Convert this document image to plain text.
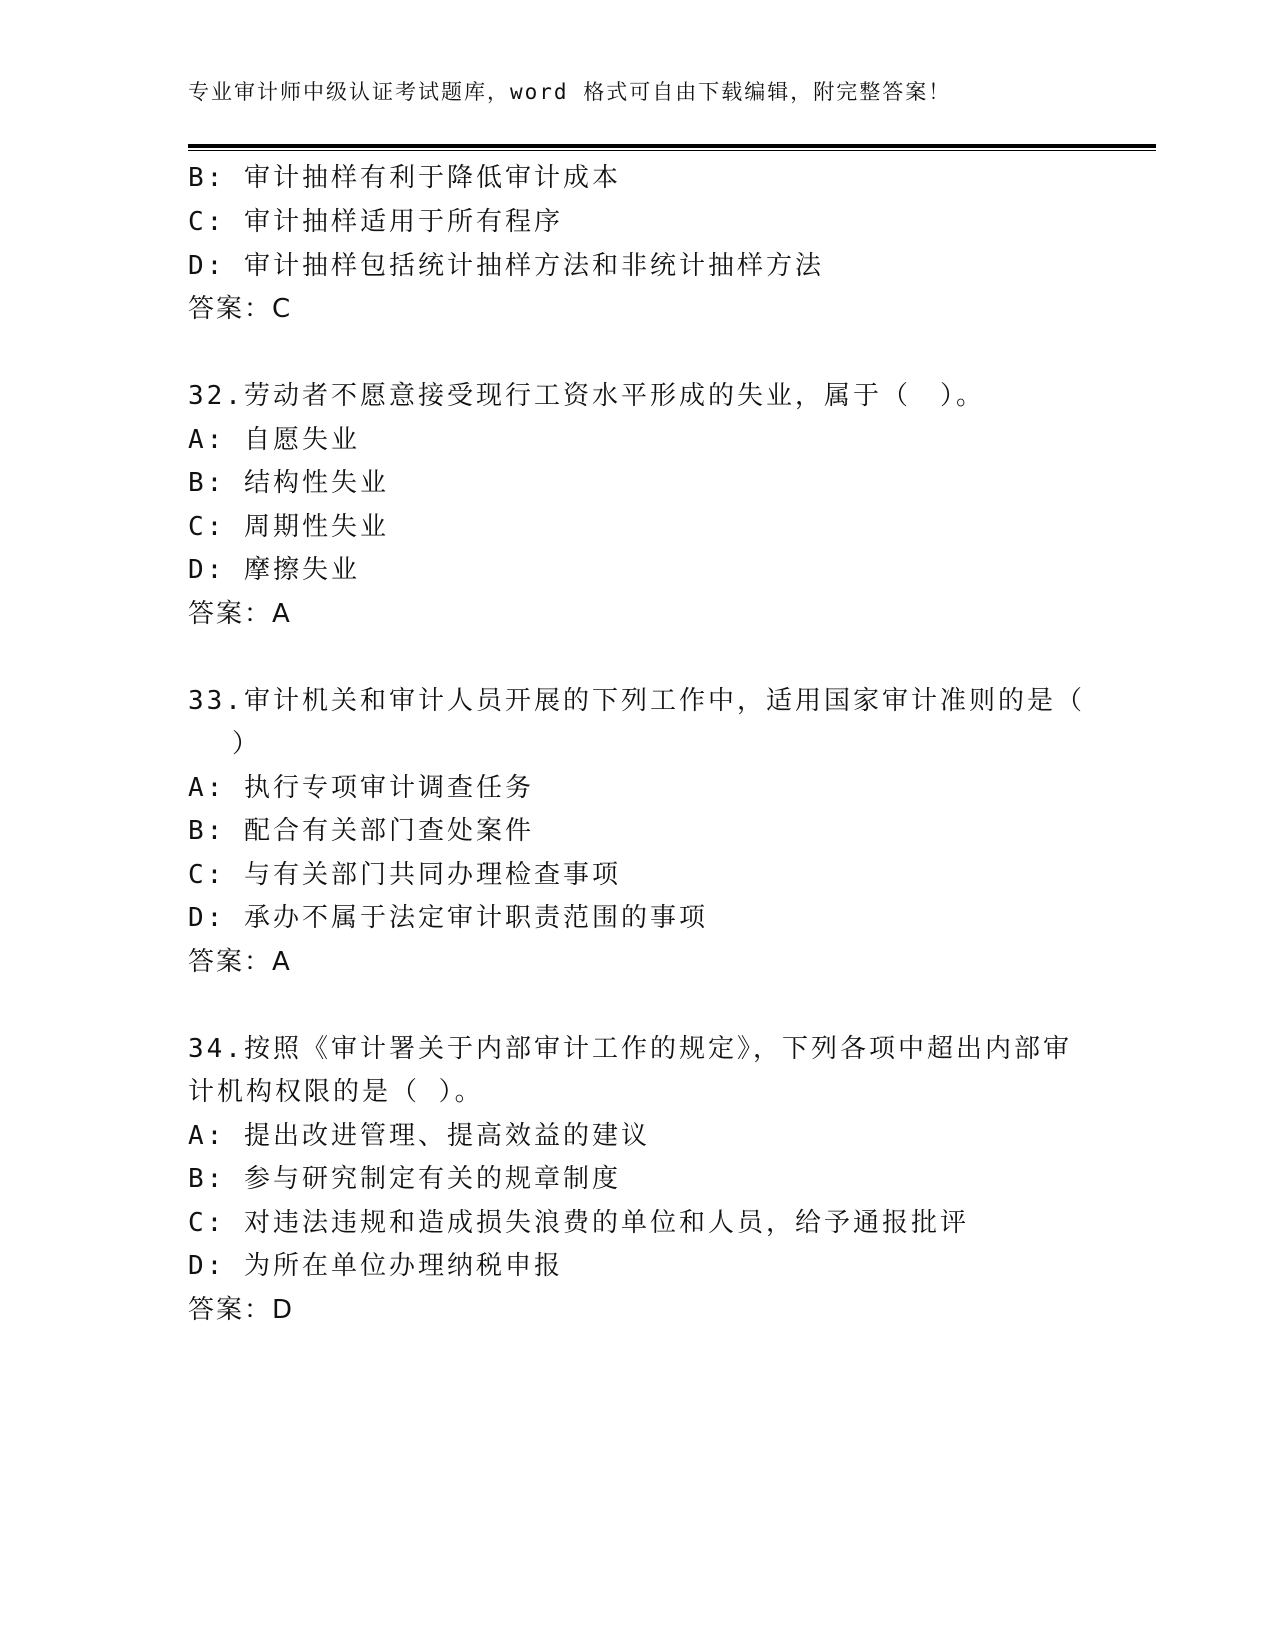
专业审计师中级认证考试题库，word 格式可自由下载编辑，附完整答案！
B: 审计抽样有利于降低审计成本
C: 审计抽样适用于所有程序
D: 审计抽样包括统计抽样方法和非统计抽样方法
答案：C
32.劳动者不愿意接受现行工资水平形成的失业，属于（　）。
A: 自愿失业
B: 结构性失业
C: 周期性失业
D: 摩擦失业
答案：A
33.审计机关和审计人员开展的下列工作中，适用国家审计准则的是（
）
A: 执行专项审计调查任务
B: 配合有关部门查处案件
C: 与有关部门共同办理检查事项
D: 承办不属于法定审计职责范围的事项
答案：A
34.按照《审计署关于内部审计工作的规定》，下列各项中超出内部审
计机构权限的是（ ）。
A: 提出改进管理、提高效益的建议
B: 参与研究制定有关的规章制度
C: 对违法违规和造成损失浪费的单位和人员，给予通报批评
D: 为所在单位办理纳税申报
答案：D
